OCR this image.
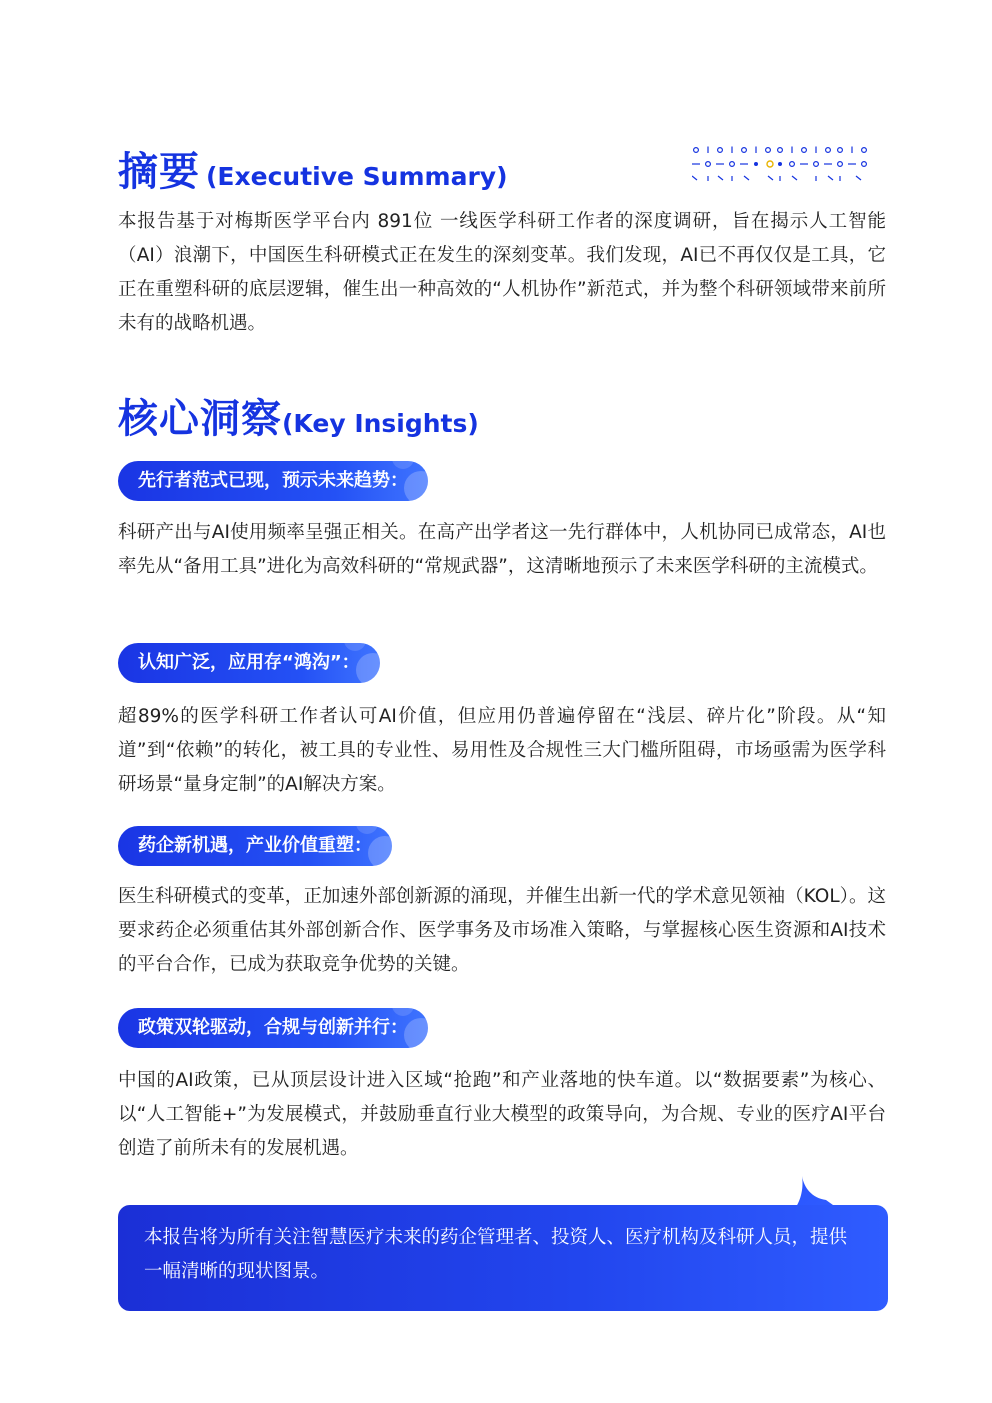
摘要 (Executive Summary)
本报告基于对梅斯医学平台内 891位 一线医学科研工作者的深度调研，旨在揭示人工智能（AI）浪潮下，中国医生科研模式正在发生的深刻变革。我们发现，AI已不再仅仅是工具，它正在重塑科研的底层逻辑，催生出一种高效的“人机协作”新范式，并为整个科研领域带来前所未有的战略机遇。
核心洞察(Key Insights)
先行者范式已现，预示未来趋势：
科研产出与AI使用频率呈强正相关。在高产出学者这一先行群体中，人机协同已成常态，AI也率先从“备用工具”进化为高效科研的“常规武器”，这清晰地预示了未来医学科研的主流模式。
认知广泛，应用存“鸿沟”：
超89%的医学科研工作者认可AI价值，但应用仍普遍停留在“浅层、碎片化”阶段。从“知道”到“依赖”的转化，被工具的专业性、易用性及合规性三大门槛所阻碍，市场亟需为医学科研场景“量身定制”的AI解决方案。
药企新机遇，产业价值重塑：
医生科研模式的变革，正加速外部创新源的涌现，并催生出新一代的学术意见领袖（KOL）。这要求药企必须重估其外部创新合作、医学事务及市场准入策略，与掌握核心医生资源和AI技术的平台合作，已成为获取竞争优势的关键。
政策双轮驱动，合规与创新并行：
中国的AI政策，已从顶层设计进入区域“抢跑”和产业落地的快车道。以“数据要素”为核心、以“人工智能+”为发展模式，并鼓励垂直行业大模型的政策导向，为合规、专业的医疗AI平台创造了前所未有的发展机遇。
本报告将为所有关注智慧医疗未来的药企管理者、投资人、医疗机构及科研人员，提供一幅清晰的现状图景。
